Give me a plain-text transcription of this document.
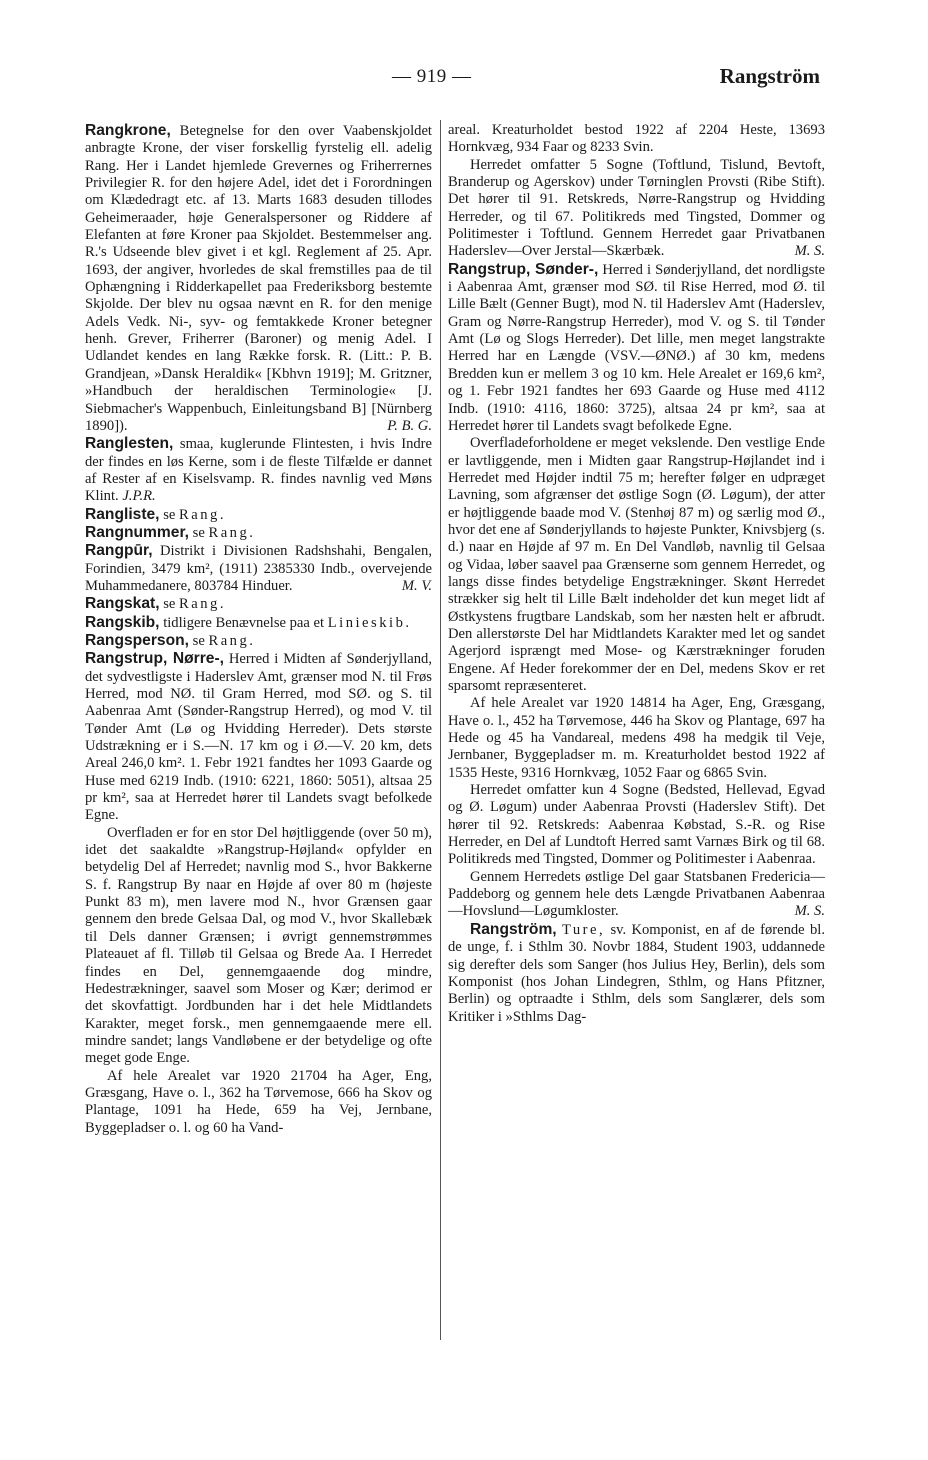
— 919 —	Rangström

Rangkrone, Betegnelse for den over Vaabenskjoldet anbragte Krone, der viser forskellig fyrstelig ell. adelig Rang. Her i Landet hjemlede Grevernes og Friherrernes Privilegier R. for den højere Adel, idet det i Forordningen om Klædedragt etc. af 13. Marts 1683 desuden tillodes Geheimeraader, høje Generalspersoner og Riddere af Elefanten at føre Kroner paa Skjoldet. Bestemmelser ang. R.'s Udseende blev givet i et kgl. Reglement af 25. Apr. 1693, der angiver, hvorledes de skal fremstilles paa de til Ophængning i Ridderkapellet paa Frederiksborg bestemte Skjolde. Der blev nu ogsaa nævnt en R. for den menige Adels Vedk. Ni-, syv- og femtakkede Kroner betegner henh. Grever, Friherrer (Baroner) og menig Adel. I Udlandet kendes en lang Række forsk. R. (Litt.: P. B. Grandjean, »Dansk Heraldik« [Kbhvn 1919]; M. Gritzner, »Handbuch der heraldischen Terminologie« [J. Siebmacher's Wappenbuch, Einleitungsband B] [Nürnberg 1890]).	P. B. G.

Ranglesten, smaa, kuglerunde Flintesten, i hvis Indre der findes en løs Kerne, som i de fleste Tilfælde er dannet af Rester af en Kiselsvamp. R. findes navnlig ved Møns Klint. J.P.R.

Rangliste, se Rang.

Rangnummer, se Rang.

Rangpūr, Distrikt i Divisionen Radshshahi, Bengalen, Forindien, 3479 km², (1911) 2385330 Indb., overvejende Muhammedanere, 803784 Hinduer.	M. V.

Rangskat, se Rang.

Rangskib, tidligere Benævnelse paa et Linieskib.

Rangsperson, se Rang.

Rangstrup, Nørre-, Herred i Midten af Sønderjylland, det sydvestligste i Haderslev Amt, grænser mod N. til Frøs Herred, mod NØ. til Gram Herred, mod SØ. og S. til Aabenraa Amt (Sønder-Rangstrup Herred), og mod V. til Tønder Amt (Lø og Hvidding Herreder). Dets største Udstrækning er i S.—N. 17 km og i Ø.—V. 20 km, dets Areal 246,0 km². 1. Febr 1921 fandtes her 1093 Gaarde og Huse med 6219 Indb. (1910: 6221, 1860: 5051), altsaa 25 pr km², saa at Herredet hører til Landets svagt befolkede Egne.

Overfladen er for en stor Del højtliggende (over 50 m), idet det saakaldte »Rangstrup-Højland« opfylder en betydelig Del af Herredet; navnlig mod S., hvor Bakkerne S. f. Rangstrup By naar en Højde af over 80 m (højeste Punkt 83 m), men lavere mod N., hvor Grænsen gaar gennem den brede Gelsaa Dal, og mod V., hvor Skallebæk til Dels danner Grænsen; i øvrigt gennemstrømmes Plateauet af fl. Tilløb til Gelsaa og Brede Aa. I Herredet findes en Del, gennemgaaende dog mindre, Hedestrækninger, saavel som Moser og Kær; derimod er det skovfattigt. Jordbunden har i det hele Midtlandets Karakter, meget forsk., men gennemgaaende mere ell. mindre sandet; langs Vandløbene er der betydelige og ofte meget gode Enge.

Af hele Arealet var 1920 21704 ha Ager, Eng, Græsgang, Have o. l., 362 ha Tørvemose, 666 ha Skov og Plantage, 1091 ha Hede, 659 ha Vej, Jernbane, Byggepladser o. l. og 60 ha Vand-

areal. Kreaturholdet bestod 1922 af 2204 Heste, 13693 Hornkvæg, 934 Faar og 8233 Svin.

Herredet omfatter 5 Sogne (Toftlund, Tislund, Bevtoft, Branderup og Agerskov) under Tørninglen Provsti (Ribe Stift). Det hører til 91. Retskreds, Nørre-Rangstrup og Hvidding Herreder, og til 67. Politikreds med Tingsted, Dommer og Politimester i Toftlund. Gennem Herredet gaar Privatbanen Haderslev—Over Jerstal—Skærbæk.	M. S.

Rangstrup, Sønder-, Herred i Sønderjylland, det nordligste i Aabenraa Amt, grænser mod SØ. til Rise Herred, mod Ø. til Lille Bælt (Genner Bugt), mod N. til Haderslev Amt (Haderslev, Gram og Nørre-Rangstrup Herreder), mod V. og S. til Tønder Amt (Lø og Slogs Herreder). Det lille, men meget langstrakte Herred har en Længde (VSV.—ØNØ.) af 30 km, medens Bredden kun er mellem 3 og 10 km. Hele Arealet er 169,6 km², og 1. Febr 1921 fandtes her 693 Gaarde og Huse med 4112 Indb. (1910: 4116, 1860: 3725), altsaa 24 pr km², saa at Herredet hører til Landets svagt befolkede Egne.

Overfladeforholdene er meget vekslende. Den vestlige Ende er lavtliggende, men i Midten gaar Rangstrup-Højlandet ind i Herredet med Højder indtil 75 m; herefter følger en udpræget Lavning, som afgrænser det østlige Sogn (Ø. Løgum), der atter er højtliggende baade mod V. (Stenhøj 87 m) og særlig mod Ø., hvor det ene af Sønderjyllands to højeste Punkter, Knivsbjerg (s. d.) naar en Højde af 97 m. En Del Vandløb, navnlig til Gelsaa og Vidaa, løber saavel paa Grænserne som gennem Herredet, og langs disse findes betydelige Engstrækninger. Skønt Herredet strækker sig helt til Lille Bælt indeholder det kun meget lidt af Østkystens frugtbare Landskab, som her næsten helt er afbrudt. Den allerstørste Del har Midtlandets Karakter med let og sandet Agerjord isprængt med Mose- og Kærstrækninger foruden Engene. Af Heder forekommer der en Del, medens Skov er ret sparsomt repræsenteret.

Af hele Arealet var 1920 14814 ha Ager, Eng, Græsgang, Have o. l., 452 ha Tørvemose, 446 ha Skov og Plantage, 697 ha Hede og 45 ha Vandareal, medens 498 ha medgik til Veje, Jernbaner, Byggepladser m. m. Kreaturholdet bestod 1922 af 1535 Heste, 9316 Hornkvæg, 1052 Faar og 6865 Svin.

Herredet omfatter kun 4 Sogne (Bedsted, Hellevad, Egvad og Ø. Løgum) under Aabenraa Provsti (Haderslev Stift). Det hører til 92. Retskreds: Aabenraa Købstad, S.-R. og Rise Herreder, en Del af Lundtoft Herred samt Varnæs Birk og til 68. Politikreds med Tingsted, Dommer og Politimester i Aabenraa.

Gennem Herredets østlige Del gaar Statsbanen Fredericia—Paddeborg og gennem hele dets Længde Privatbanen Aabenraa—Hovslund—Løgumkloster.	M. S.

Rangström, Ture, sv. Komponist, en af de førende bl. de unge, f. i Sthlm 30. Novbr 1884, Student 1903, uddannede sig derefter dels som Sanger (hos Julius Hey, Berlin), dels som Komponist (hos Johan Lindegren, Sthlm, og Hans Pfitzner, Berlin) og optraadte i Sthlm, dels som Sanglærer, dels som Kritiker i »Sthlms Dag-
